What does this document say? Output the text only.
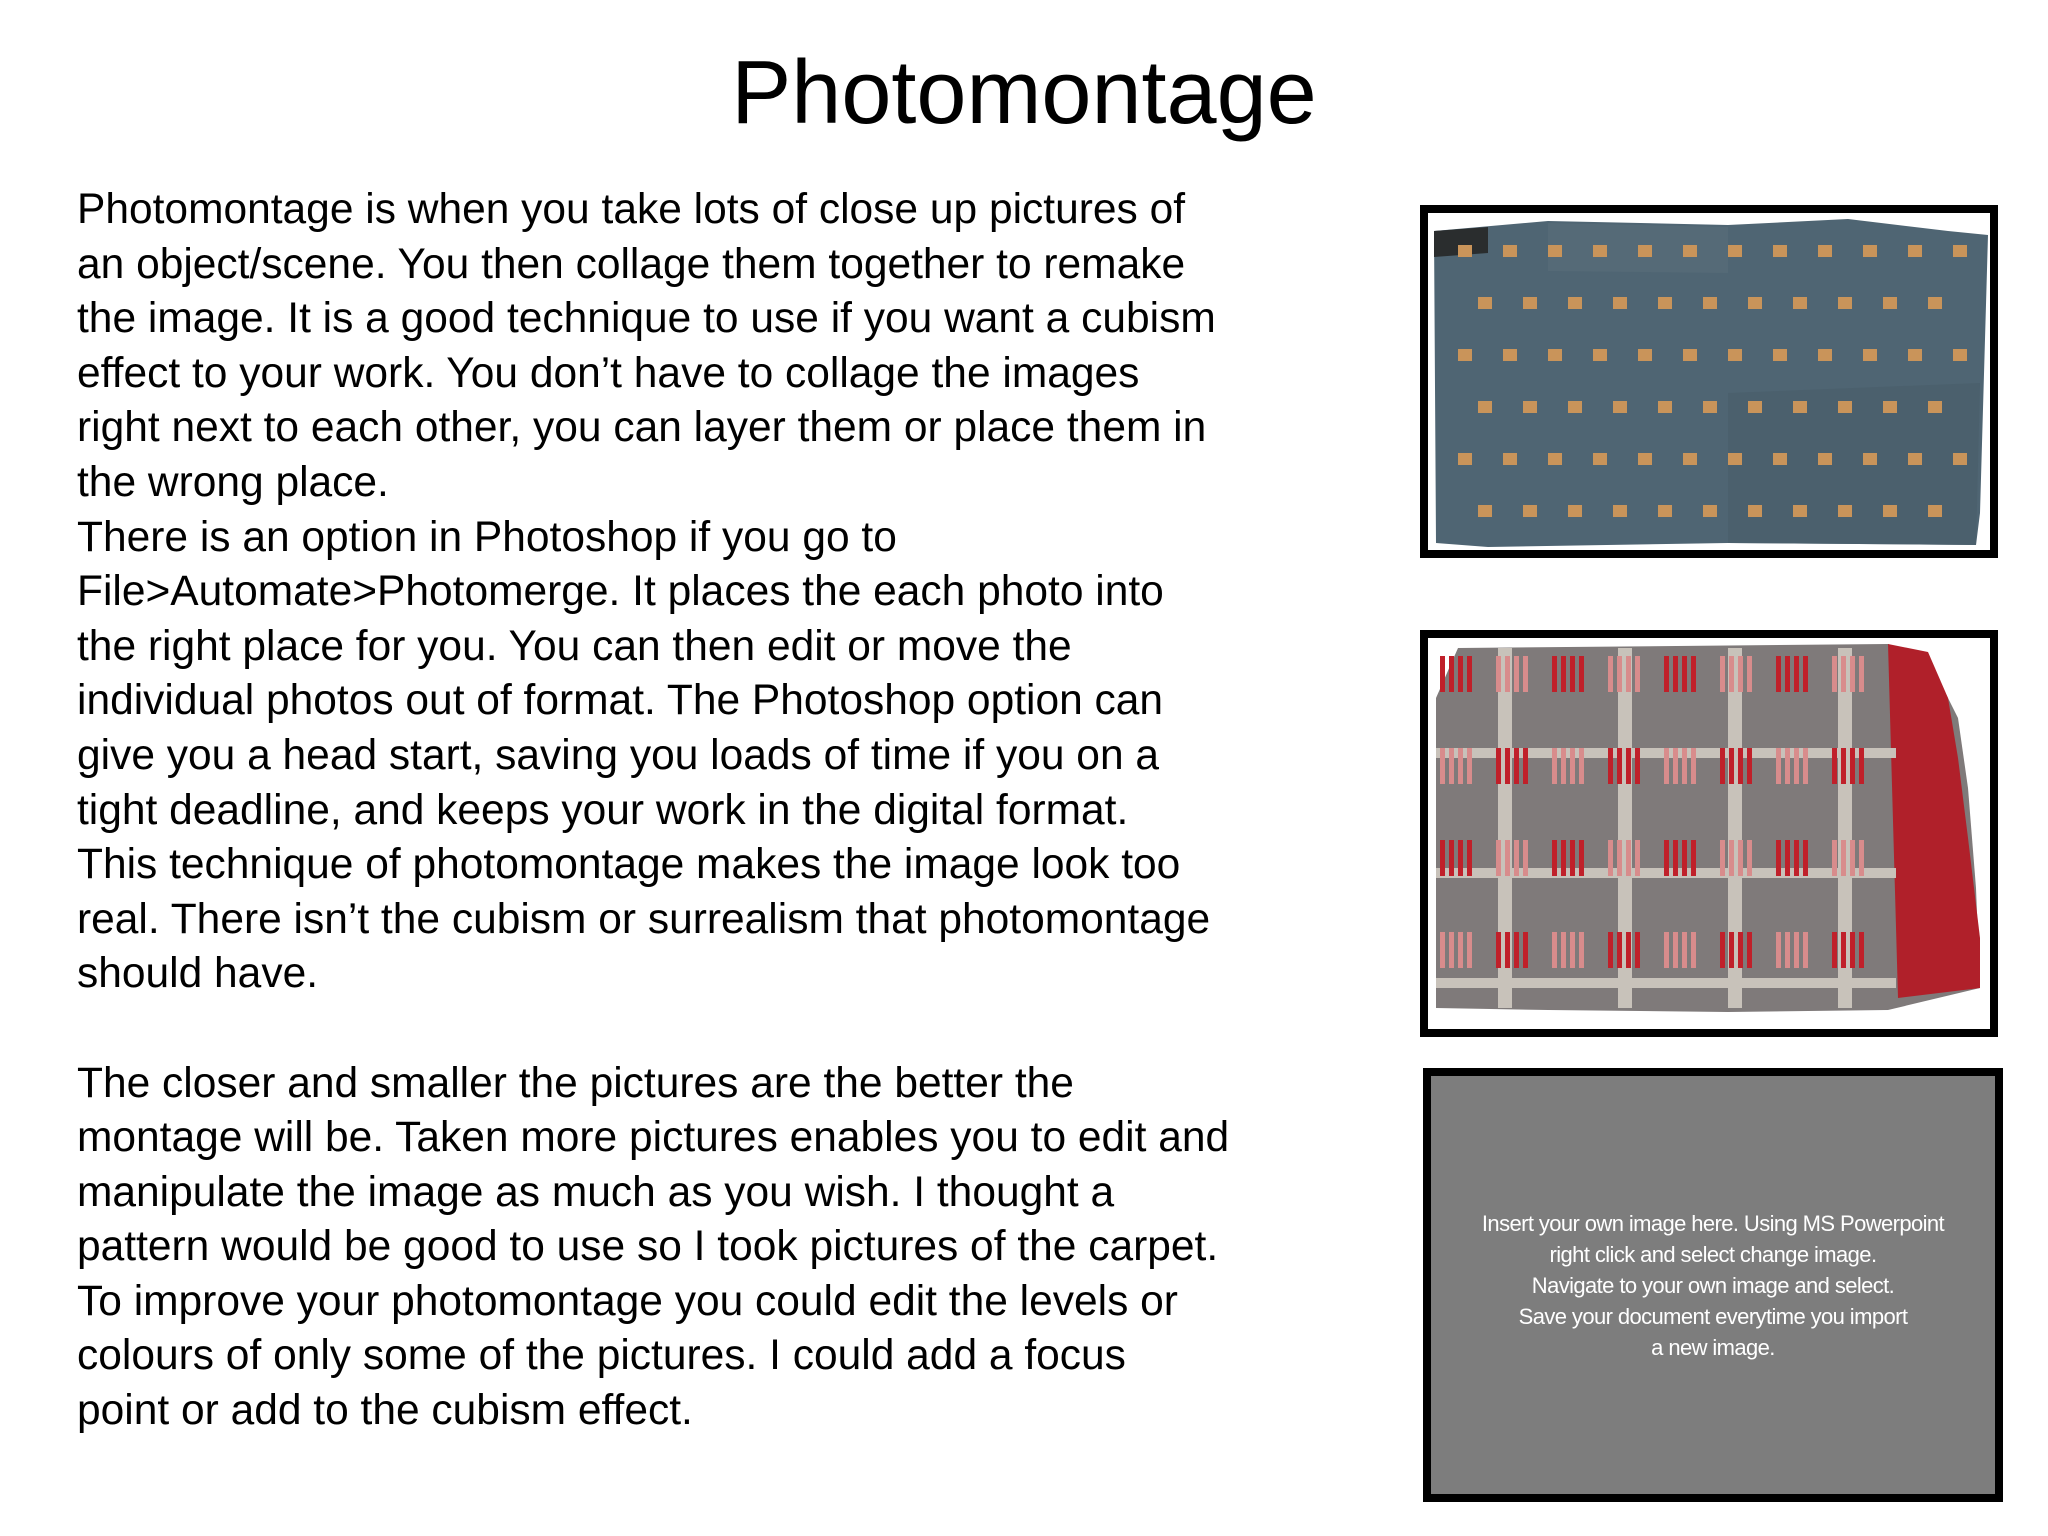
Photomontage
Photomontage is when you take lots of close up pictures of
an object/scene. You then collage them together to remake
the image. It is a good technique to use if you want a cubism
effect to your work. You don’t have to collage the images
right next to each other, you can layer them or place them in
the wrong place.
There is an option in Photoshop if you go to
File>Automate>Photomerge. It places the each photo into
the right place for you. You can then edit or move the
individual photos out of format. The Photoshop option can
give you a head start, saving you loads of time if you on a
tight deadline, and keeps your work in the digital format.
This technique of photomontage makes the image look too
real. There isn’t the cubism or surrealism that photomontage
should have.
The closer and smaller the pictures are the better the
montage will be. Taken more pictures enables you to edit and
manipulate the image as much as you wish. I thought a
pattern would be good to use so I took pictures of the carpet.
To improve your photomontage you could edit the levels or
colours of only some of the pictures. I could add a focus
point or add to the cubism effect.
Insert your own image here. Using MS Powerpoint
right click and select change image.
Navigate to your own image and select.
Save your document everytime you import
a new image.
